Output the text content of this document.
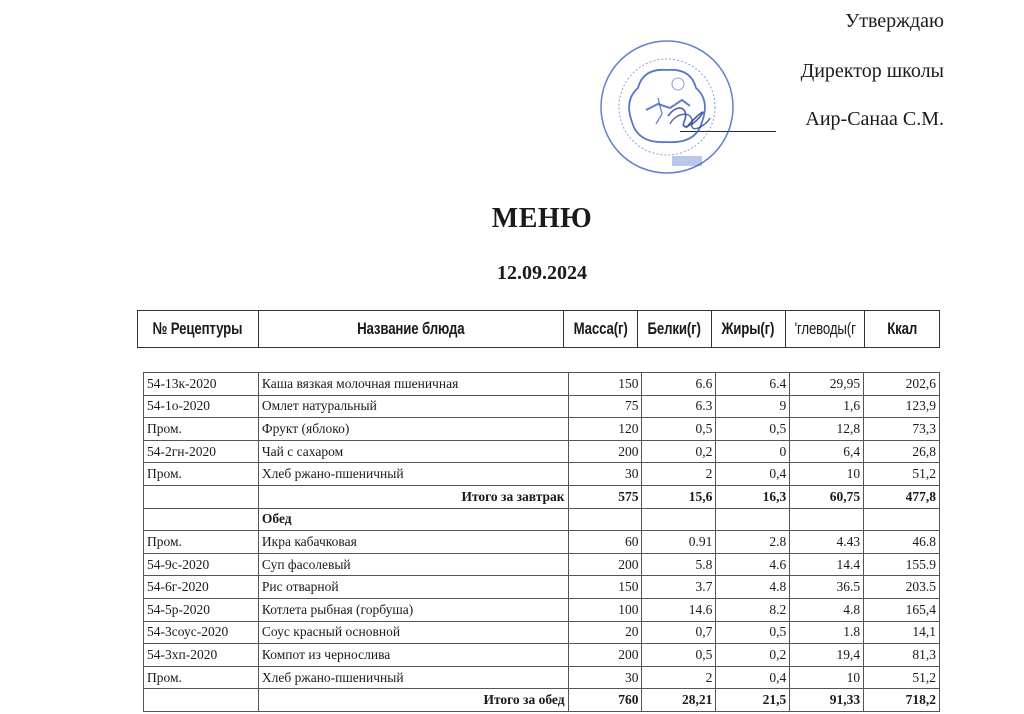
Утверждаю
Директор школы
Аир-Санаа С.М.
МЕНЮ
12.09.2024
№ Рецептуры	Название блюда	Масса(г)	Белки(г)	Жиры(г)	'глеводы(г	Ккал
54-13к-2020	Каша вязкая молочная пшеничная	150	6.6	6.4	29,95	202,6
54-1о-2020	Омлет натуральный	75	6.3	9	1,6	123,9
Пром.	Фрукт (яблоко)	120	0,5	0,5	12,8	73,3
54-2гн-2020	Чай с сахаром	200	0,2	0	6,4	26,8
Пром.	Хлеб ржано-пшеничный	30	2	0,4	10	51,2
	Итого за завтрак	575	15,6	16,3	60,75	477,8
	Обед					
Пром.	Икра кабачковая	60	0.91	2.8	4.43	46.8
54-9с-2020	Суп фасолевый	200	5.8	4.6	14.4	155.9
54-6г-2020	Рис отварной	150	3.7	4.8	36.5	203.5
54-5р-2020	Котлета рыбная (горбуша)	100	14.6	8.2	4.8	165,4
54-3соус-2020	Соус красный основной	20	0,7	0,5	1.8	14,1
54-3хп-2020	Компот из чернослива	200	0,5	0,2	19,4	81,3
Пром.	Хлеб ржано-пшеничный	30	2	0,4	10	51,2
	Итого за обед	760	28,21	21,5	91,33	718,2
